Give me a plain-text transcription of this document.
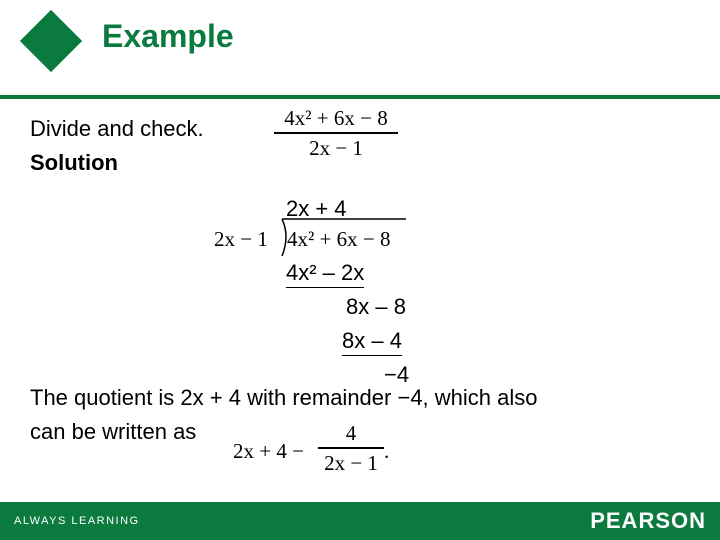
Example
Divide and check.
Solution
4x² + 6x − 8
2x − 1
2x + 4
2x − 1 4x² + 6x − 8
4x² – 2x
8x – 8
8x – 4
−4
The quotient is 2x + 4 with remainder −4, which also
can be written as
2x + 4 −
4
2x − 1 .
ALWAYS LEARNING	PEARSON
